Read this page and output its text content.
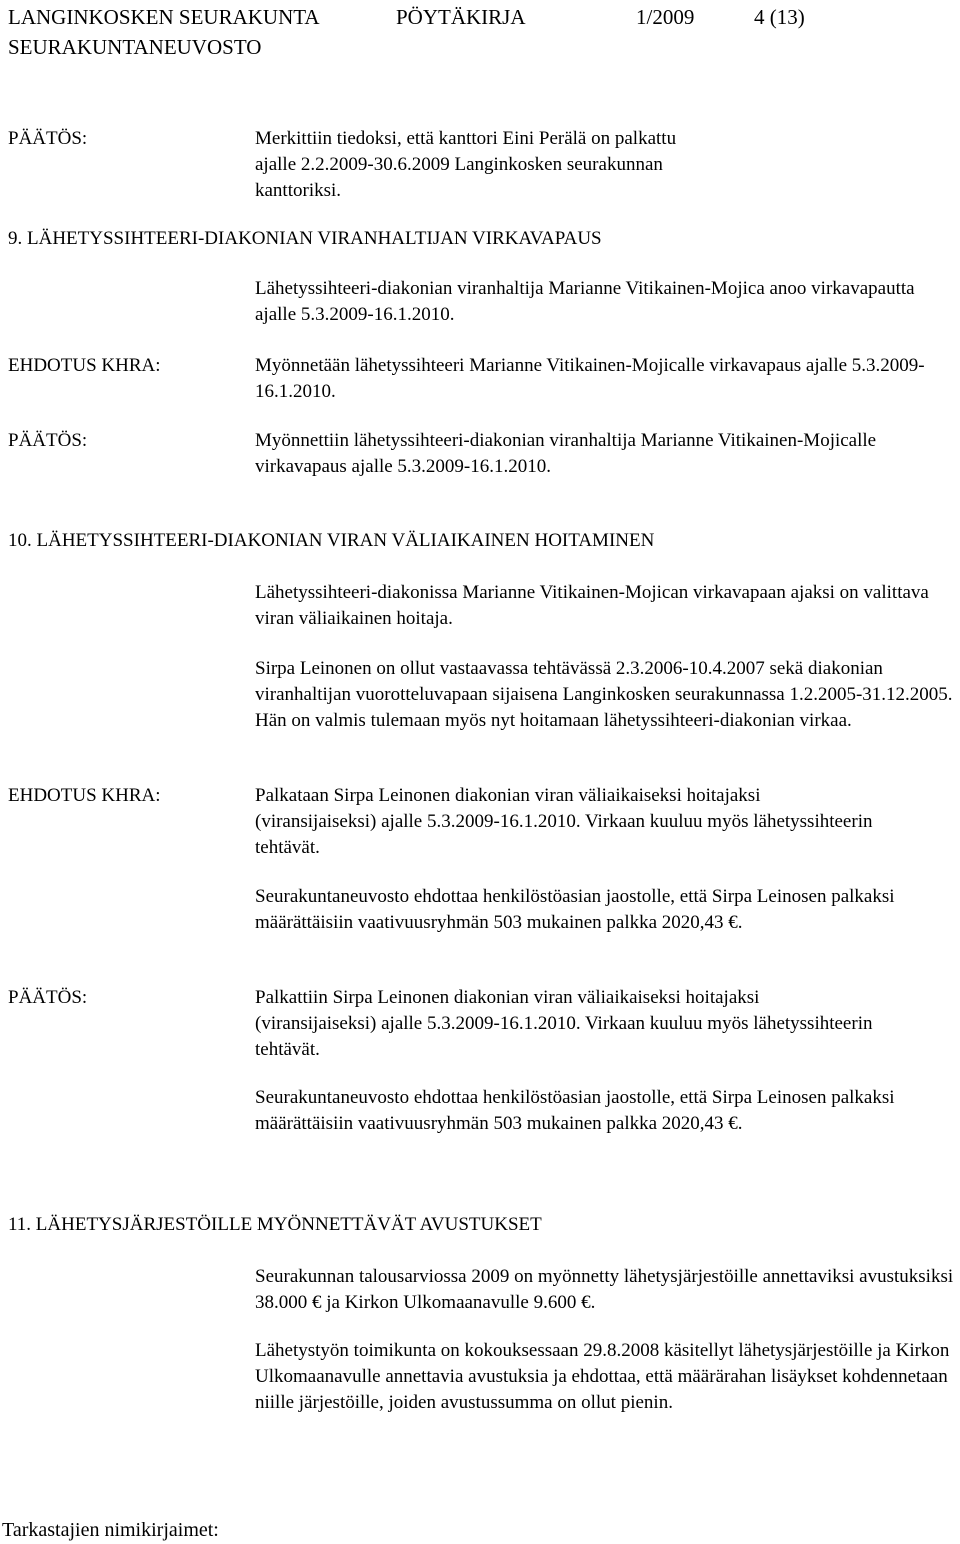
LANGINKOSKEN SEURAKUNTA	PÖYTÄKIRJA	1/2009	4 (13)
SEURAKUNTANEUVOSTO

PÄÄTÖS:	Merkittiin tiedoksi, että kanttori Eini Perälä on palkattu ajalle 2.2.2009-30.6.2009 Langinkosken seurakunnan kanttoriksi.

9. LÄHETYSSIHTEERI-DIAKONIAN VIRANHALTIJAN VIRKAVAPAUS

Lähetyssihteeri-diakonian viranhaltija Marianne Vitikainen-Mojica anoo virkavapautta ajalle 5.3.2009-16.1.2010.

EHDOTUS KHRA:	Myönnetään lähetyssihteeri Marianne Vitikainen-Mojicalle virkavapaus ajalle 5.3.2009-16.1.2010.

PÄÄTÖS:	Myönnettiin lähetyssihteeri-diakonian viranhaltija Marianne Vitikainen-Mojicalle virkavapaus ajalle 5.3.2009-16.1.2010.

10. LÄHETYSSIHTEERI-DIAKONIAN VIRAN VÄLIAIKAINEN HOITAMINEN

Lähetyssihteeri-diakonissa Marianne Vitikainen-Mojican virkavapaan ajaksi on valittava viran väliaikainen hoitaja.

Sirpa Leinonen on ollut vastaavassa tehtävässä 2.3.2006-10.4.2007 sekä diakonian viranhaltijan vuorotteluvapaan sijaisena Langinkosken seurakunnassa 1.2.2005-31.12.2005. Hän on valmis tulemaan myös nyt hoitamaan lähetyssihteeri-diakonian virkaa.

EHDOTUS KHRA:	Palkataan Sirpa Leinonen diakonian viran väliaikaiseksi hoitajaksi (viransijaiseksi) ajalle 5.3.2009-16.1.2010. Virkaan kuuluu myös lähetyssihteerin tehtävät.

Seurakuntaneuvosto ehdottaa henkilöstöasian jaostolle, että Sirpa Leinosen palkaksi määrättäisiin vaativuusryhmän 503 mukainen palkka 2020,43 €.

PÄÄTÖS:	Palkattiin Sirpa Leinonen diakonian viran väliaikaiseksi hoitajaksi (viransijaiseksi) ajalle 5.3.2009-16.1.2010. Virkaan kuuluu myös lähetyssihteerin tehtävät.

Seurakuntaneuvosto ehdottaa henkilöstöasian jaostolle, että Sirpa Leinosen palkaksi määrättäisiin vaativuusryhmän 503 mukainen palkka 2020,43 €.

11. LÄHETYSJÄRJESTÖILLE MYÖNNETTÄVÄT AVUSTUKSET

Seurakunnan talousarviossa 2009 on myönnetty lähetysjärjestöille annettaviksi avustuksiksi 38.000 € ja Kirkon Ulkomaanavulle 9.600 €.

Lähetystyön toimikunta on kokouksessaan 29.8.2008 käsitellyt lähetysjärjestöille ja Kirkon Ulkomaanavulle annettavia avustuksia ja ehdottaa, että määrärahan lisäykset kohdennetaan niille järjestöille, joiden avustussumma on ollut pienin.

Tarkastajien nimikirjaimet:
